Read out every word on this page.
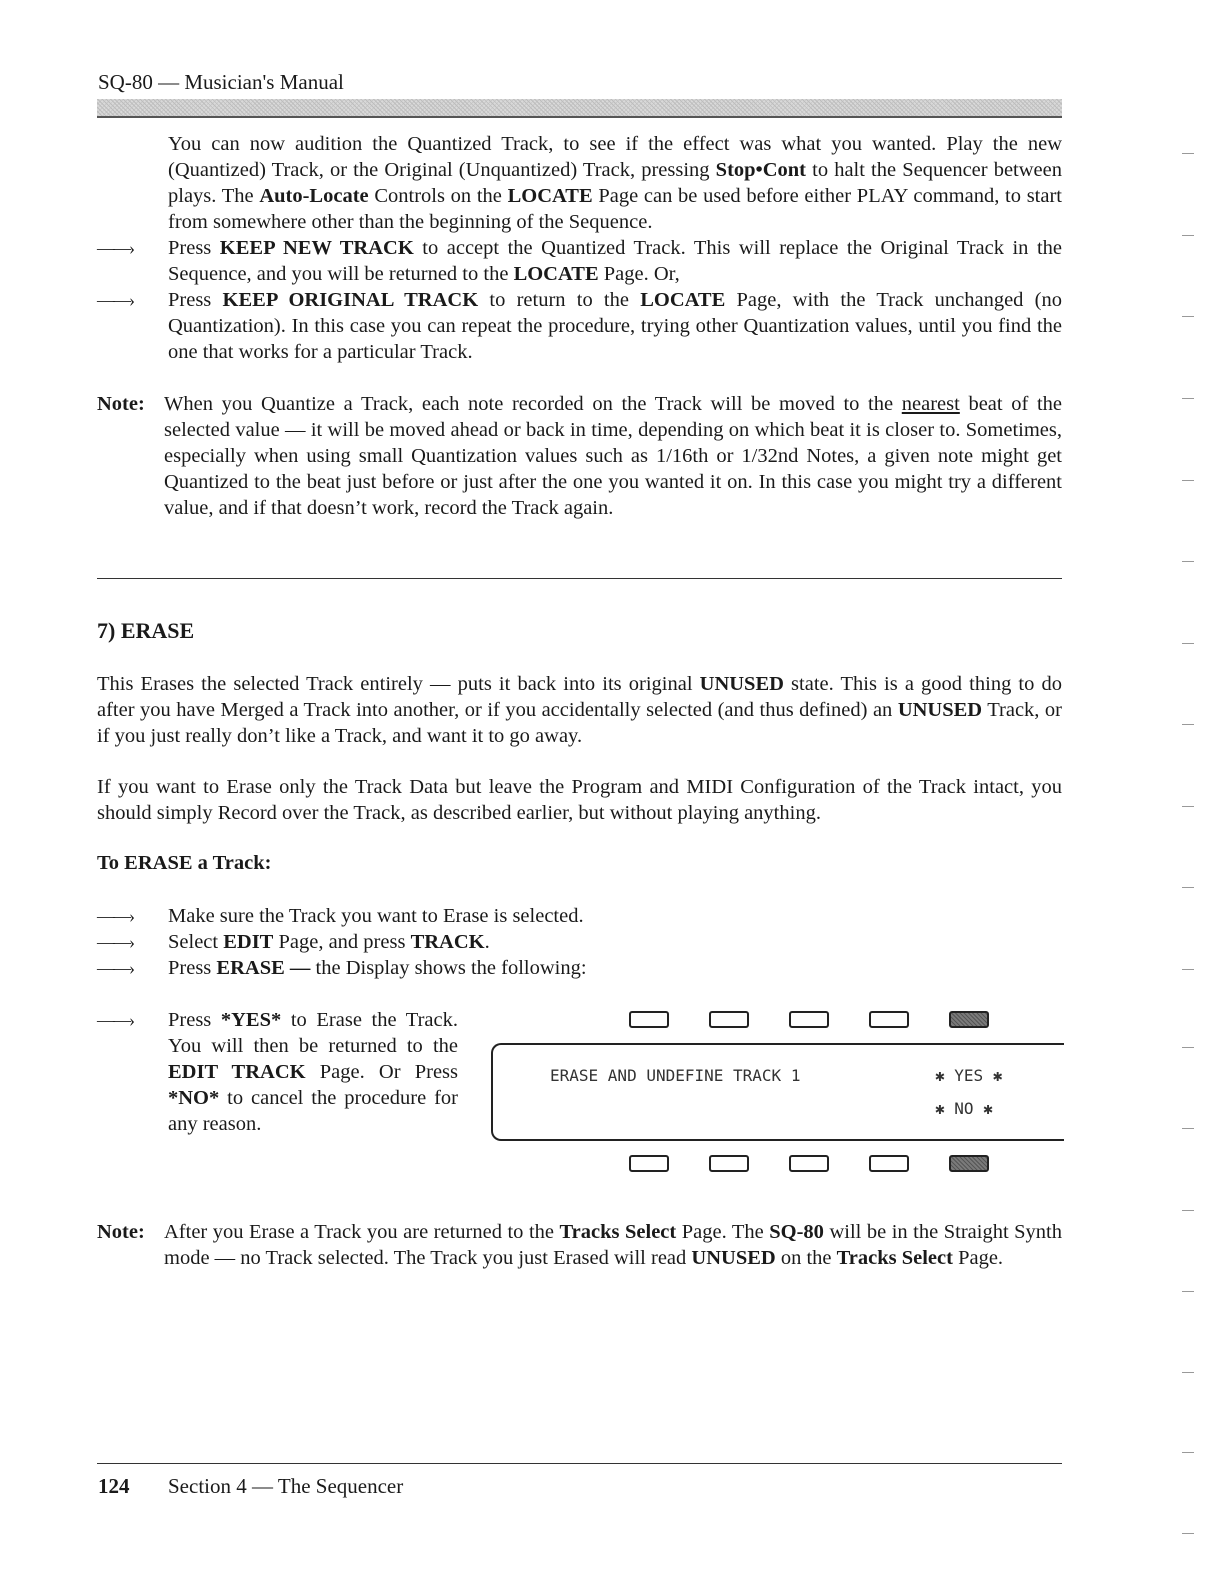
SQ-80 — Musician's Manual

You can now audition the Quantized Track, to see if the effect was what you wanted. Play the new (Quantized) Track, or the Original (Unquantized) Track, pressing Stop•Cont to halt the Sequencer between plays. The Auto-Locate Controls on the LOCATE Page can be used before either PLAY command, to start from somewhere other than the beginning of the Sequence.

——›	Press KEEP NEW TRACK to accept the Quantized Track. This will replace the Original Track in the Sequence, and you will be returned to the LOCATE Page. Or,

——›	Press KEEP ORIGINAL TRACK to return to the LOCATE Page, with the Track unchanged (no Quantization). In this case you can repeat the procedure, trying other Quantization values, until you find the one that works for a particular Track.

Note: When you Quantize a Track, each note recorded on the Track will be moved to the nearest beat of the selected value — it will be moved ahead or back in time, depending on which beat it is closer to. Sometimes, especially when using small Quantization values such as 1/16th or 1/32nd Notes, a given note might get Quantized to the beat just before or just after the one you wanted it on. In this case you might try a different value, and if that doesn’t work, record the Track again.

7) ERASE

This Erases the selected Track entirely — puts it back into its original UNUSED state. This is a good thing to do after you have Merged a Track into another, or if you accidentally selected (and thus defined) an UNUSED Track, or if you just really don’t like a Track, and want it to go away.

If you want to Erase only the Track Data but leave the Program and MIDI Configuration of the Track intact, you should simply Record over the Track, as described earlier, but without playing anything.

To ERASE a Track:
——›	Make sure the Track you want to Erase is selected.
——›	Select EDIT Page, and press TRACK.
——›	Press ERASE — the Display shows the following:
——›	Press *YES* to Erase the Track. You will then be returned to the EDIT TRACK Page. Or Press *NO* to cancel the procedure for any reason.

ERASE AND UNDEFINE TRACK 1	✱ YES ✱
✱ NO ✱
Note: After you Erase a Track you are returned to the Tracks Select Page. The SQ-80 will be in the Straight Synth mode — no Track selected. The Track you just Erased will read UNUSED on the Tracks Select Page.

124 Section 4 — The Sequencer
